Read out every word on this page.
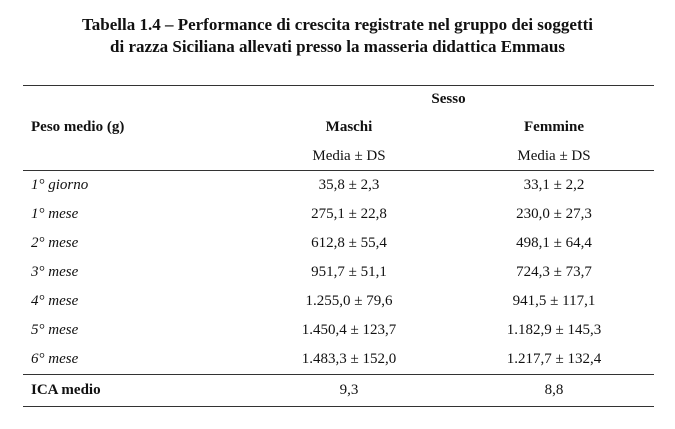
Tabella 1.4 – Performance di crescita registrate nel gruppo dei soggetti
di razza Siciliana allevati presso la masseria didattica Emmaus
Sesso		
Peso medio (g)	Maschi	Femmine
	Media ± DS	Media ± DS
1° giorno	35,8 ± 2,3	33,1 ± 2,2
1° mese	275,1 ± 22,8	230,0 ± 27,3
2° mese	612,8 ± 55,4	498,1 ± 64,4
3° mese	951,7 ± 51,1	724,3 ± 73,7
4° mese	1.255,0 ± 79,6	941,5 ± 117,1
5° mese	1.450,4 ± 123,7	1.182,9 ± 145,3
6° mese	1.483,3 ± 152,0	1.217,7 ± 132,4
ICA medio	9,3	8,8
